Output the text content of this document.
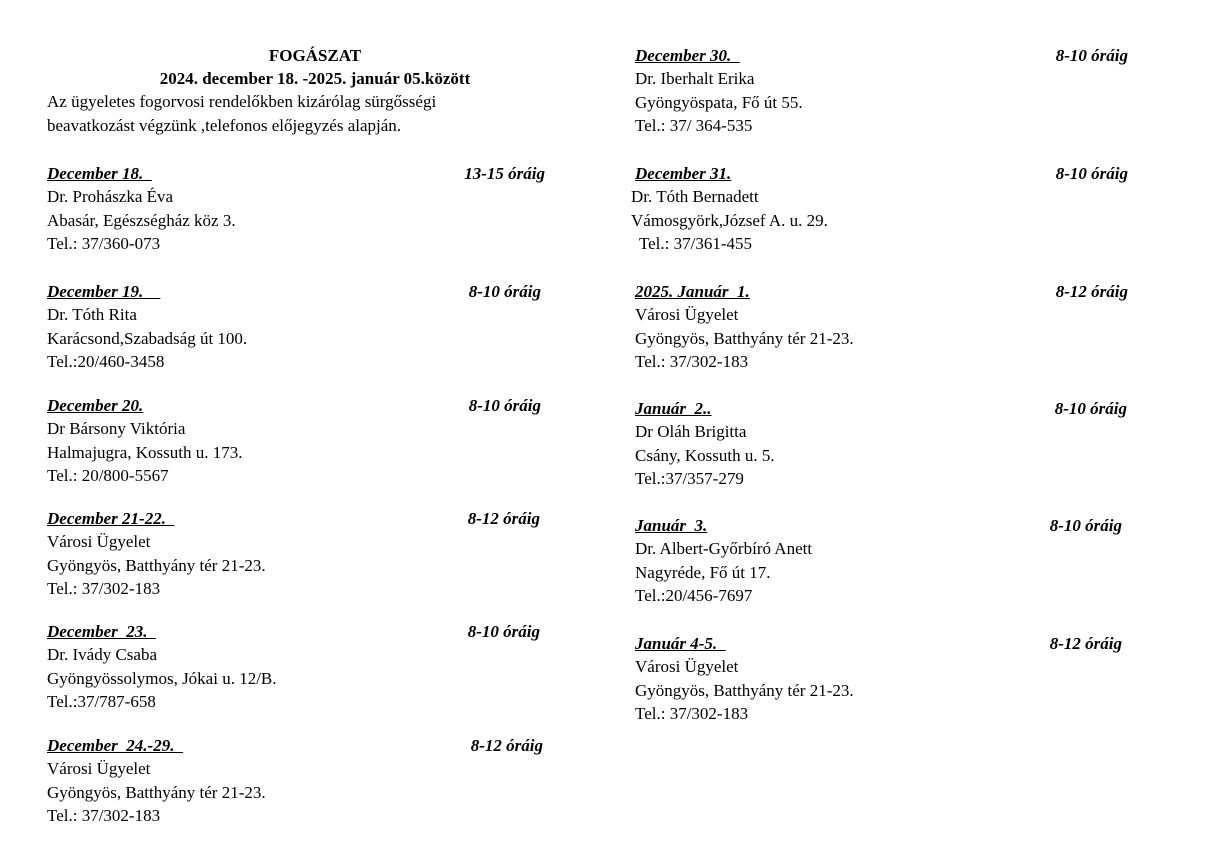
FOGÁSZAT
2024. december 18. -2025. január 05.között
Az ügyeletes fogorvosi rendelőkben kizárólag sürgősségi
beavatkozást végzünk ,telefonos előjegyzés alapján.
December 18.	13-15 óráig
Dr. Prohászka Éva
Abasár, Egészségház köz 3.
Tel.: 37/360-073
December 19.	8-10 óráig
Dr. Tóth Rita
Karácsond,Szabadság út 100.
Tel.:20/460-3458
December 20.	8-10 óráig
Dr Bársony Viktória
Halmajugra, Kossuth u. 173.
Tel.: 20/800-5567
December 21-22.	8-12 óráig
Városi Ügyelet
Gyöngyös, Batthyány tér 21-23.
Tel.: 37/302-183
December  23.	8-10 óráig
Dr. Ivády Csaba
Gyöngyössolymos, Jókai u. 12/B.
Tel.:37/787-658
December  24.-29.	8-12 óráig
Városi Ügyelet
Gyöngyös, Batthyány tér 21-23.
Tel.: 37/302-183
December 30.	8-10 óráig
Dr. Iberhalt Erika
Gyöngyöspata, Fő út 55.
Tel.: 37/ 364-535
December 31.	8-10 óráig
Dr. Tóth Bernadett
Vámosgyörk,József A. u. 29.
Tel.: 37/361-455
2025. Január  1.	8-12 óráig
Városi Ügyelet
Gyöngyös, Batthyány tér 21-23.
Tel.: 37/302-183
Január  2..	8-10 óráig
Dr Oláh Brigitta
Csány, Kossuth u. 5.
Tel.:37/357-279
Január  3.	8-10 óráig
Dr. Albert-Győrbíró Anett
Nagyréde, Fő út 17.
Tel.:20/456-7697
Január 4-5.	8-12 óráig
Városi Ügyelet
Gyöngyös, Batthyány tér 21-23.
Tel.: 37/302-183
